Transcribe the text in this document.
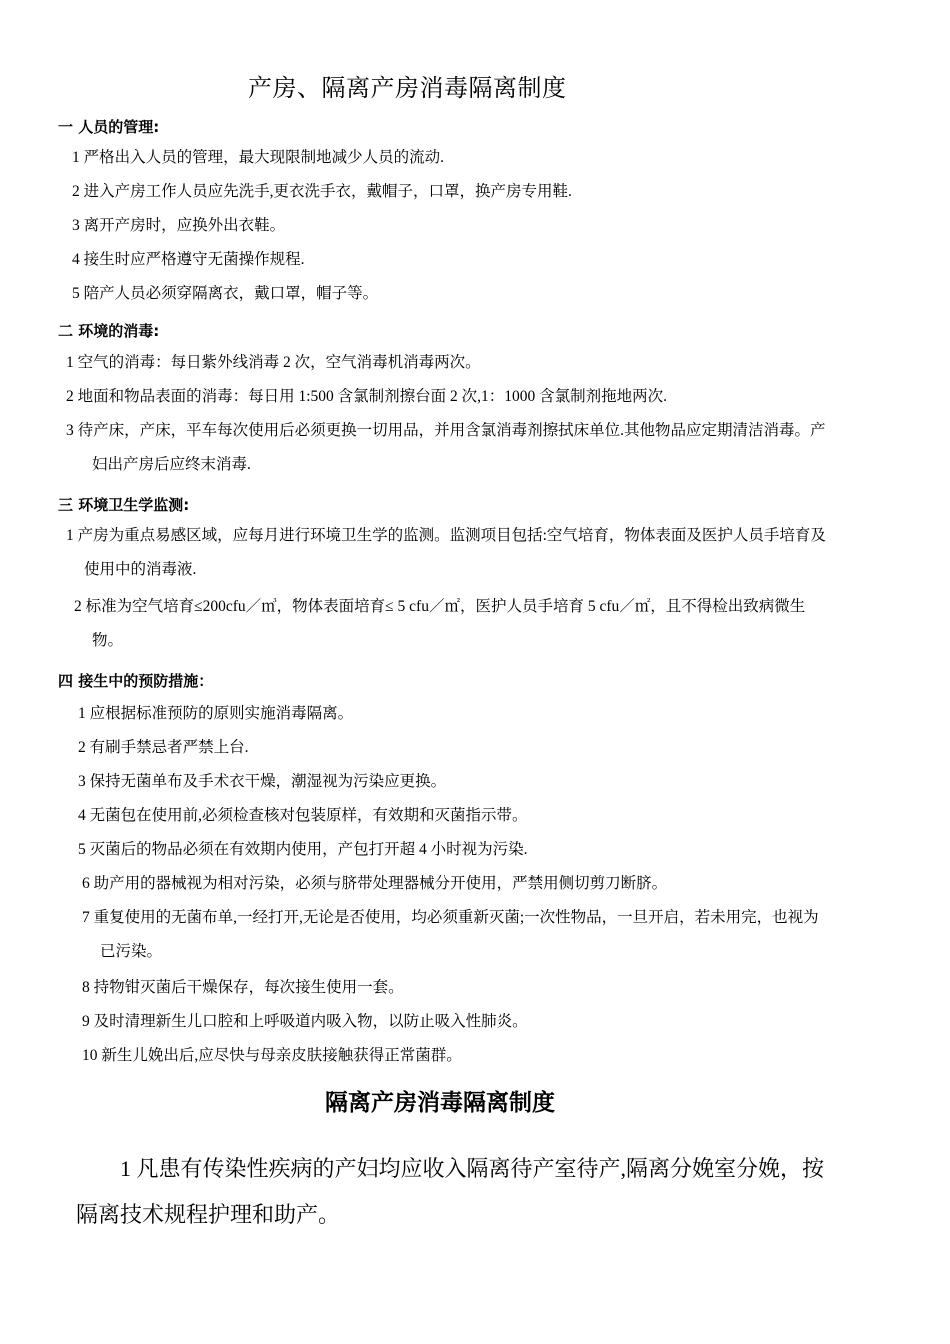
产房、隔离产房消毒隔离制度
一 人员的管理:
1 严格出入人员的管理，最大现限制地减少人员的流动.
2 进入产房工作人员应先洗手,更衣洗手衣，戴帽子，口罩，换产房专用鞋.
3 离开产房时，应换外出衣鞋。
4 接生时应严格遵守无菌操作规程.
5 陪产人员必须穿隔离衣，戴口罩，帽子等。
二 环境的消毒:
1 空气的消毒：每日紫外线消毒 2 次，空气消毒机消毒两次。
2 地面和物品表面的消毒：每日用 1:500 含氯制剂擦台面 2 次,1：1000 含氯制剂拖地两次.
3 待产床，产床，平车每次使用后必须更换一切用品，并用含氯消毒剂擦拭床单位.其他物品应定期清洁消毒。产
妇出产房后应终末消毒.
三 环境卫生学监测:
1 产房为重点易感区域，应每月进行环境卫生学的监测。监测项目包括:空气培育，物体表面及医护人员手培育及
使用中的消毒液.
2 标准为空气培育≤200cfu／㎥，物体表面培育≤ 5 cfu／㎡，医护人员手培育 5 cfu／㎡，且不得检出致病微生
物。
四 接生中的预防措施：
1 应根据标准预防的原则实施消毒隔离。
2 有刷手禁忌者严禁上台.
3 保持无菌单布及手术衣干燥，潮湿视为污染应更换。
4 无菌包在使用前,必须检查核对包装原样，有效期和灭菌指示带。
5 灭菌后的物品必须在有效期内使用，产包打开超 4 小时视为污染.
6 助产用的器械视为相对污染，必须与脐带处理器械分开使用，严禁用侧切剪刀断脐。
7 重复使用的无菌布单,一经打开,无论是否使用，均必须重新灭菌;一次性物品，一旦开启，若未用完，也视为
已污染。
8 持物钳灭菌后干燥保存，每次接生使用一套。
9 及时清理新生儿口腔和上呼吸道内吸入物，以防止吸入性肺炎。
10 新生儿娩出后,应尽快与母亲皮肤接触获得正常菌群。
隔离产房消毒隔离制度
1 凡患有传染性疾病的产妇均应收入隔离待产室待产,隔离分娩室分娩，按
隔离技术规程护理和助产。
